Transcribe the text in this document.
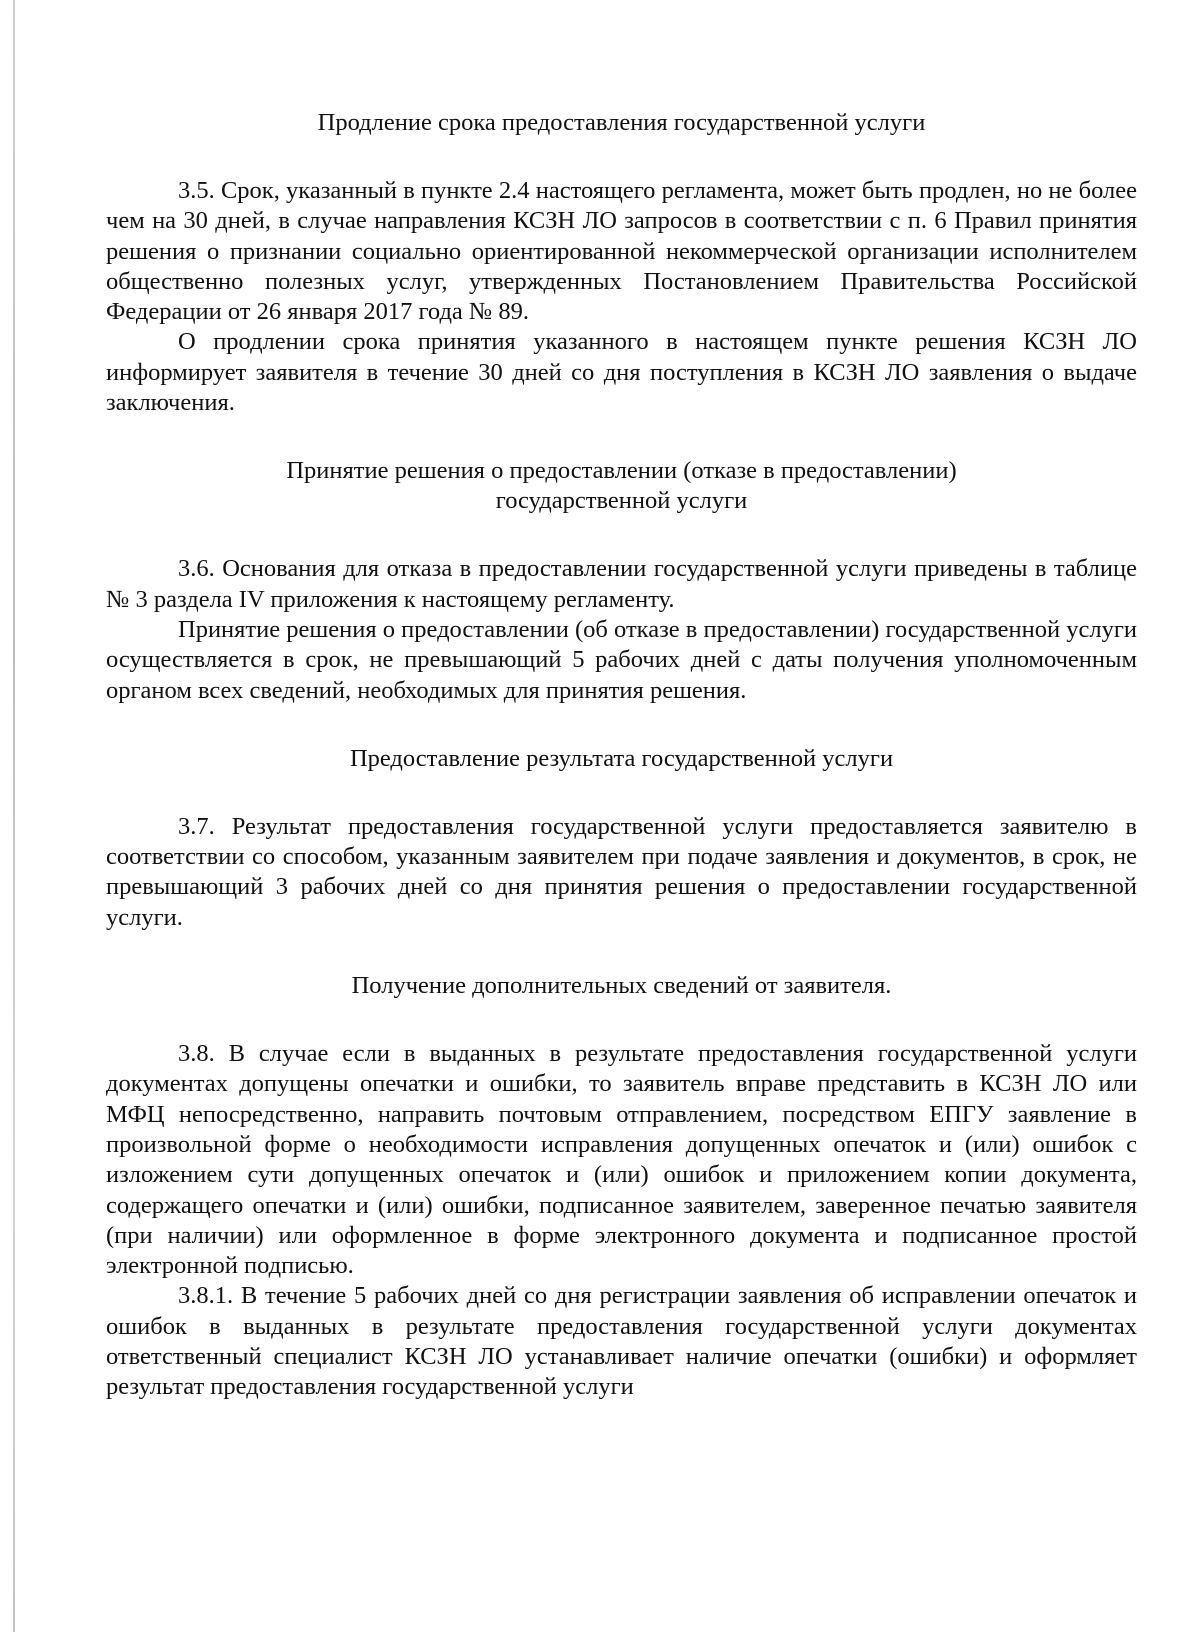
Продление срока предоставления государственной услуги

3.5. Срок, указанный в пункте 2.4 настоящего регламента, может быть продлен, но не более чем на 30 дней, в случае направления КСЗН ЛО запросов в соответствии с п. 6 Правил принятия решения о признании социально ориентированной некоммерческой организации исполнителем общественно полезных услуг, утвержденных Постановлением Правительства Российской Федерации от 26 января 2017 года № 89.

О продлении срока принятия указанного в настоящем пункте решения КСЗН ЛО информирует заявителя в течение 30 дней со дня поступления в КСЗН ЛО заявления о выдаче заключения.

Принятие решения о предоставлении (отказе в предоставлении)
государственной услуги

3.6. Основания для отказа в предоставлении государственной услуги приведены в таблице № 3 раздела IV приложения к настоящему регламенту.

Принятие решения о предоставлении (об отказе в предоставлении) государственной услуги осуществляется в срок, не превышающий 5 рабочих дней с даты получения уполномоченным органом всех сведений, необходимых для принятия решения.

Предоставление результата государственной услуги

3.7. Результат предоставления государственной услуги предоставляется заявителю в соответствии со способом, указанным заявителем при подаче заявления и документов, в срок, не превышающий 3 рабочих дней со дня принятия решения о предоставлении государственной услуги.

Получение дополнительных сведений от заявителя.

3.8. В случае если в выданных в результате предоставления государственной услуги документах допущены опечатки и ошибки, то заявитель вправе представить в КСЗН ЛО или МФЦ непосредственно, направить почтовым отправлением, посредством ЕПГУ заявление в произвольной форме о необходимости исправления допущенных опечаток и (или) ошибок с изложением сути допущенных опечаток и (или) ошибок и приложением копии документа, содержащего опечатки и (или) ошибки, подписанное заявителем, заверенное печатью заявителя (при наличии) или оформленное в форме электронного документа и подписанное простой электронной подписью.

3.8.1. В течение 5 рабочих дней со дня регистрации заявления об исправлении опечаток и ошибок в выданных в результате предоставления государственной услуги документах ответственный специалист КСЗН ЛО устанавливает наличие опечатки (ошибки) и оформляет результат предоставления государственной услуги
